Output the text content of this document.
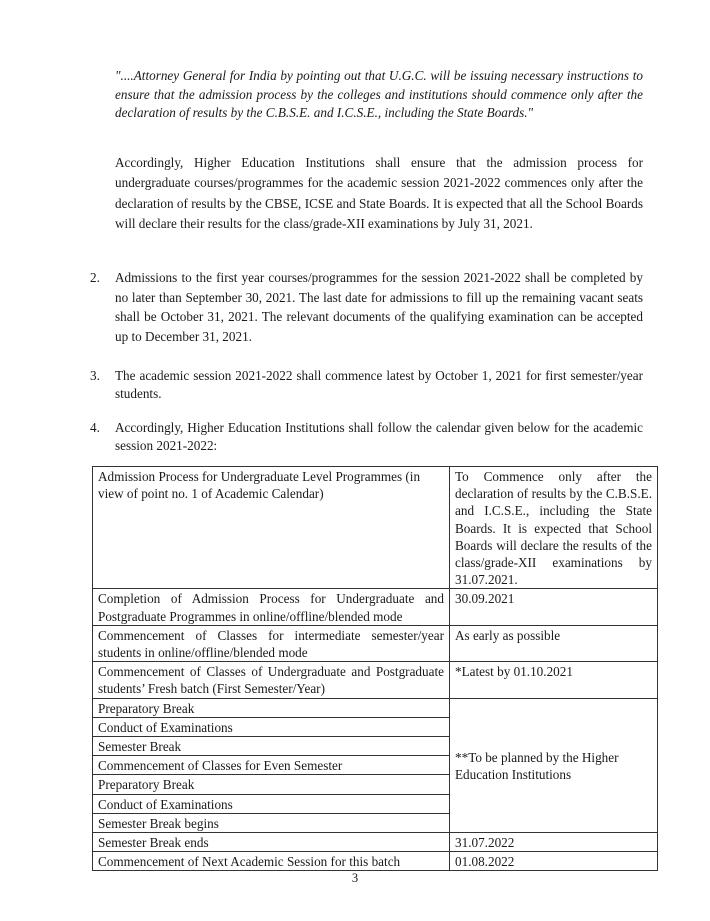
"....Attorney General for India by pointing out that U.G.C. will be issuing necessary instructions to ensure that the admission process by the colleges and institutions should commence only after the declaration of results by the C.B.S.E. and I.C.S.E., including the State Boards."

Accordingly, Higher Education Institutions shall ensure that the admission process for undergraduate courses/programmes for the academic session 2021-2022 commences only after the declaration of results by the CBSE, ICSE and State Boards. It is expected that all the School Boards will declare their results for the class/grade-XII examinations by July 31, 2021.

2.	Admissions to the first year courses/programmes for the session 2021-2022 shall be completed by no later than September 30, 2021. The last date for admissions to fill up the remaining vacant seats shall be October 31, 2021. The relevant documents of the qualifying examination can be accepted up to December 31, 2021.
3.	The academic session 2021-2022 shall commence latest by October 1, 2021 for first semester/year students.
4.	Accordingly, Higher Education Institutions shall follow the calendar given below for the academic session 2021-2022:
Admission Process for Undergraduate Level Programmes (in view of point no. 1 of Academic Calendar)	To Commence only after the declaration of results by the C.B.S.E. and I.C.S.E., including the State Boards. It is expected that School Boards will declare the results of the class/grade-XII examinations by 31.07.2021.
Completion of Admission Process for Undergraduate and Postgraduate Programmes in online/offline/blended mode	30.09.2021
Commencement of Classes for intermediate semester/year students in online/offline/blended mode	As early as possible
Commencement of Classes of Undergraduate and Postgraduate students’ Fresh batch (First Semester/Year)	*Latest by 01.10.2021
Preparatory Break	**To be planned by the Higher Education Institutions
Conduct of Examinations	
Semester Break	
Commencement of Classes for Even Semester	
Preparatory Break	
Conduct of Examinations	
Semester Break begins	
Semester Break ends	31.07.2022
Commencement of Next Academic Session for this batch	01.08.2022
3
